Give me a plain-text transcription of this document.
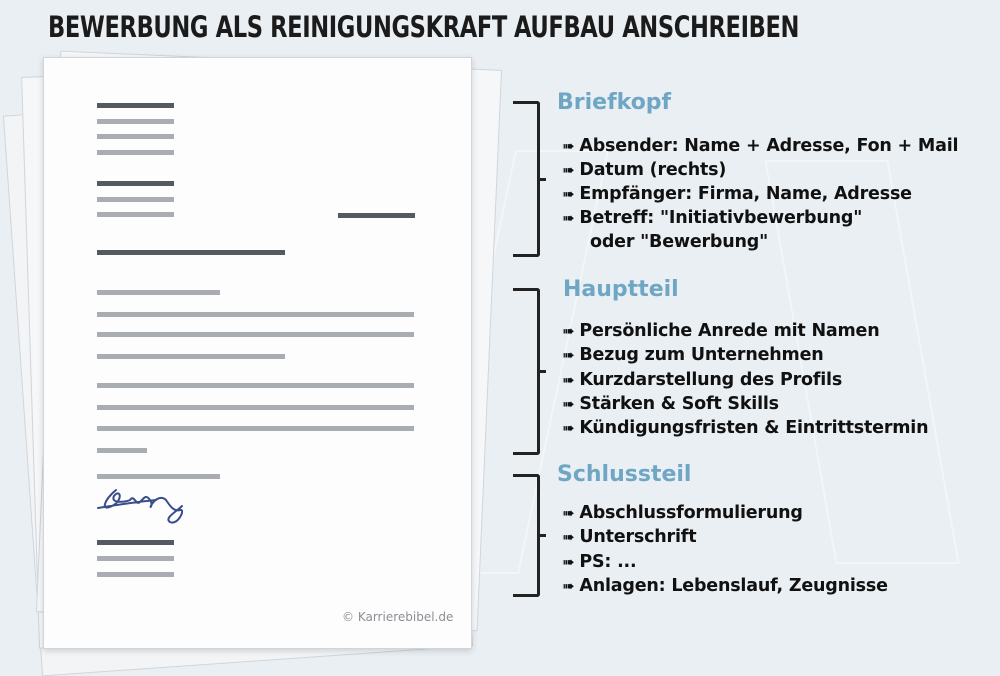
BEWERBUNG ALS REINIGUNGSKRAFT AUFBAU ANSCHREIBEN
© Karrierebibel.de
Briefkopf
➠ Absender: Name + Adresse, Fon + Mail
➠ Datum (rechts)
➠ Empfänger: Firma, Name, Adresse
➠ Betreff: "Initiativbewerbung"
oder "Bewerbung"
Hauptteil
➠ Persönliche Anrede mit Namen
➠ Bezug zum Unternehmen
➠ Kurzdarstellung des Profils
➠ Stärken & Soft Skills
➠ Kündigungsfristen & Eintrittstermin
Schlussteil
➠ Abschlussformulierung
➠ Unterschrift
➠ PS: ...
➠ Anlagen: Lebenslauf, Zeugnisse
